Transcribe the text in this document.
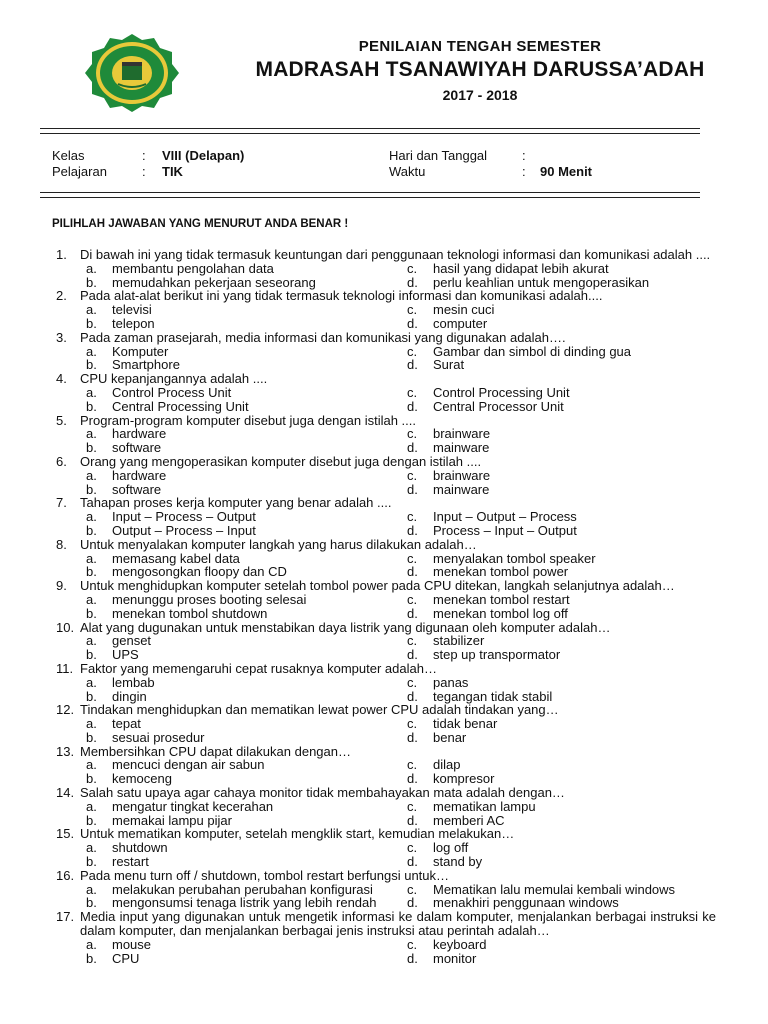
PENILAIAN TENGAH SEMESTER
MADRASAH TSANAWIYAH DARUSSA’ADAH
2017 - 2018
Kelas	: VIII (Delapan)	Hari dan Tanggal	:
Pelajaran	: TIK	Waktu	: 90 Menit
PILIHLAH JAWABAN YANG MENURUT ANDA BENAR !
1.	Di bawah ini yang tidak termasuk keuntungan dari penggunaan teknologi informasi dan komunikasi adalah ....
a. membantu pengolahan data	c. hasil yang didapat lebih akurat
b. memudahkan pekerjaan seseorang	d. perlu keahlian untuk mengoperasikan
2.	Pada alat-alat berikut ini yang tidak termasuk teknologi informasi dan komunikasi adalah....
a. televisi	c. mesin cuci
b. telepon	d. computer
3.	Pada zaman prasejarah, media informasi dan komunikasi yang digunakan adalah….
a. Komputer	c. Gambar dan simbol di dinding gua
b. Smartphore	d. Surat
4.	CPU kepanjangannya adalah ....
a. Control Process Unit	c. Control Processing Unit
b. Central Processing Unit	d. Central Processor Unit
5.	Program-program komputer disebut juga dengan istilah ....
a. hardware	c. brainware
b. software	d. mainware
6.	Orang yang mengoperasikan komputer disebut juga dengan istilah ....
a. hardware	c. brainware
b. software	d. mainware
7.	Tahapan proses kerja komputer yang benar adalah ....
a. Input – Process – Output	c. Input – Output – Process
b. Output – Process – Input	d. Process – Input – Output
8.	Untuk menyalakan komputer langkah yang harus dilakukan adalah…
a. memasang kabel data	c. menyalakan tombol speaker
b. mengosongkan floopy dan CD	d. menekan tombol power
9.	Untuk menghidupkan komputer setelah tombol power pada CPU ditekan, langkah selanjutnya adalah…
a. menunggu proses booting selesai	c. menekan tombol restart
b. menekan tombol shutdown	d. menekan tombol log off
10. Alat yang dugunakan untuk menstabikan daya listrik yang digunaan oleh komputer adalah…
a. genset	c. stabilizer
b. UPS	d. step up transpormator
11. Faktor yang memengaruhi cepat rusaknya komputer adalah…
a. lembab	c. panas
b. dingin	d. tegangan tidak stabil
12. Tindakan menghidupkan dan mematikan lewat power CPU adalah tindakan yang…
a. tepat	c. tidak benar
b. sesuai prosedur	d. benar
13. Membersihkan CPU dapat dilakukan dengan…
a. mencuci dengan air sabun	c. dilap
b. kemoceng	d. kompresor
14. Salah satu upaya agar cahaya monitor tidak membahayakan mata adalah dengan…
a. mengatur tingkat kecerahan	c. mematikan lampu
b. memakai lampu pijar	d. memberi AC
15. Untuk mematikan komputer, setelah mengklik start, kemudian melakukan…
a. shutdown	c. log off
b. restart	d. stand by
16. Pada menu turn off / shutdown, tombol restart berfungsi untuk…
a. melakukan perubahan perubahan konfigurasi	c. Mematikan lalu memulai kembali windows
b. mengonsumsi tenaga listrik yang lebih rendah d. menakhiri penggunaan windows
17. Media input yang digunakan untuk mengetik informasi ke dalam komputer, menjalankan berbagai instruksi ke dalam komputer, dan menjalankan berbagai jenis instruksi atau perintah adalah…
a. mouse	c. keyboard
b. CPU	d. monitor
